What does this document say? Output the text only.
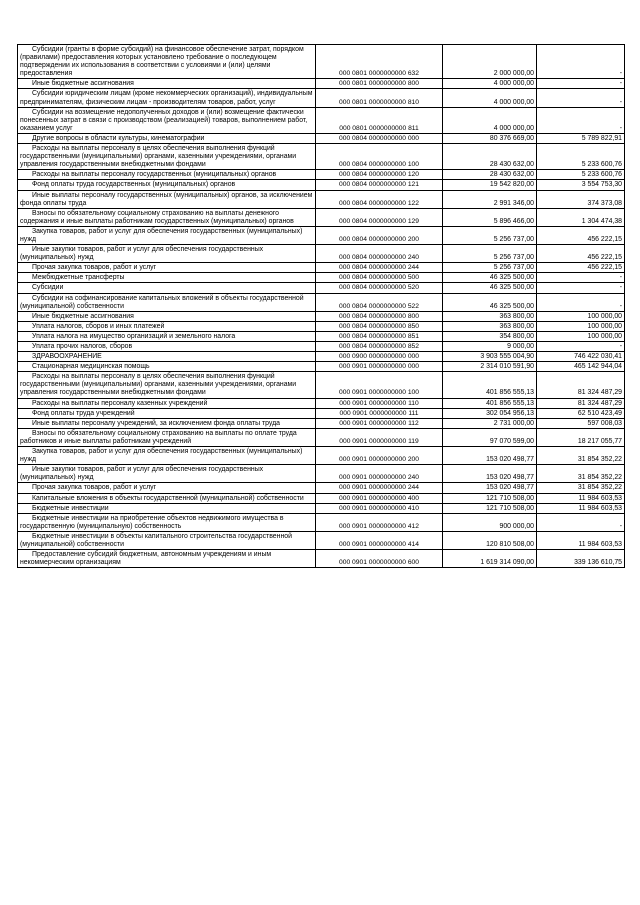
Субсидии (гранты в форме субсидий) на финансовое обеспечение затрат, порядком (правилами) предоставления которых установлено требование о последующем подтверждении их использования в соответствии с условиями и (или) целями предоставления	000 0801 0000000000 632	2 000 000,00	-
Иные бюджетные ассигнования	000 0801 0000000000 800	4 000 000,00	-
Субсидии юридическим лицам (кроме некоммерческих организаций), индивидуальным предпринимателям, физическим лицам - производителям товаров, работ, услуг	000 0801 0000000000 810	4 000 000,00	-
Субсидии на возмещение недополученных доходов и (или) возмещение фактически понесенных затрат в связи с производством (реализацией) товаров, выполнением работ, оказанием услуг	000 0801 0000000000 811	4 000 000,00	-
Другие вопросы в области культуры, кинематографии	000 0804 0000000000 000	80 376 669,00	5 789 822,91
Расходы на выплаты персоналу в целях обеспечения выполнения функций государственными (муниципальными) органами, казенными учреждениями, органами управления государственными внебюджетными фондами	000 0804 0000000000 100	28 430 632,00	5 233 600,76
Расходы на выплаты персоналу государственных (муниципальных) органов	000 0804 0000000000 120	28 430 632,00	5 233 600,76
Фонд оплаты труда государственных (муниципальных) органов	000 0804 0000000000 121	19 542 820,00	3 554 753,30
Иные выплаты персоналу государственных (муниципальных) органов, за исключением фонда оплаты труда	000 0804 0000000000 122	2 991 346,00	374 373,08
Взносы по обязательному социальному страхованию на выплаты денежного содержания и иные выплаты работникам государственных (муниципальных) органов	000 0804 0000000000 129	5 896 466,00	1 304 474,38
Закупка товаров, работ и услуг для обеспечения государственных (муниципальных) нужд	000 0804 0000000000 200	5 256 737,00	456 222,15
Иные закупки товаров, работ и услуг для обеспечения государственных (муниципальных) нужд	000 0804 0000000000 240	5 256 737,00	456 222,15
Прочая закупка товаров, работ и услуг	000 0804 0000000000 244	5 256 737,00	456 222,15
Межбюджетные трансферты	000 0804 0000000000 500	46 325 500,00	-
Субсидии	000 0804 0000000000 520	46 325 500,00	-
Субсидии на софинансирование капитальных вложений в объекты государственной (муниципальной) собственности	000 0804 0000000000 522	46 325 500,00	-
Иные бюджетные ассигнования	000 0804 0000000000 800	363 800,00	100 000,00
Уплата налогов, сборов и иных платежей	000 0804 0000000000 850	363 800,00	100 000,00
Уплата налога на имущество организаций и земельного налога	000 0804 0000000000 851	354 800,00	100 000,00
Уплата прочих налогов, сборов	000 0804 0000000000 852	9 000,00	-
ЗДРАВООХРАНЕНИЕ	000 0900 0000000000 000	3 903 555 004,90	746 422 030,41
Стационарная медицинская помощь	000 0901 0000000000 000	2 314 010 591,90	465 142 944,04
Расходы на выплаты персоналу в целях обеспечения выполнения функций государственными (муниципальными) органами, казенными учреждениями, органами управления государственными внебюджетными фондами	000 0901 0000000000 100	401 856 555,13	81 324 487,29
Расходы на выплаты персоналу казенных учреждений	000 0901 0000000000 110	401 856 555,13	81 324 487,29
Фонд оплаты труда учреждений	000 0901 0000000000 111	302 054 956,13	62 510 423,49
Иные выплаты персоналу учреждений, за исключением фонда оплаты труда	000 0901 0000000000 112	2 731 000,00	597 008,03
Взносы по обязательному социальному страхованию на выплаты по оплате труда работников и иные выплаты работникам учреждений	000 0901 0000000000 119	97 070 599,00	18 217 055,77
Закупка товаров, работ и услуг для обеспечения государственных (муниципальных) нужд	000 0901 0000000000 200	153 020 498,77	31 854 352,22
Иные закупки товаров, работ и услуг для обеспечения государственных (муниципальных) нужд	000 0901 0000000000 240	153 020 498,77	31 854 352,22
Прочая закупка товаров, работ и услуг	000 0901 0000000000 244	153 020 498,77	31 854 352,22
Капитальные вложения в объекты государственной (муниципальной) собственности	000 0901 0000000000 400	121 710 508,00	11 984 603,53
Бюджетные инвестиции	000 0901 0000000000 410	121 710 508,00	11 984 603,53
Бюджетные инвестиции на приобретение объектов недвижимого имущества в государственную (муниципальную) собственность	000 0901 0000000000 412	900 000,00	-
Бюджетные инвестиции в объекты капитального строительства государственной (муниципальной) собственности	000 0901 0000000000 414	120 810 508,00	11 984 603,53
Предоставление субсидий бюджетным, автономным учреждениям и иным некоммерческим организациям	000 0901 0000000000 600	1 619 314 090,00	339 136 610,75
